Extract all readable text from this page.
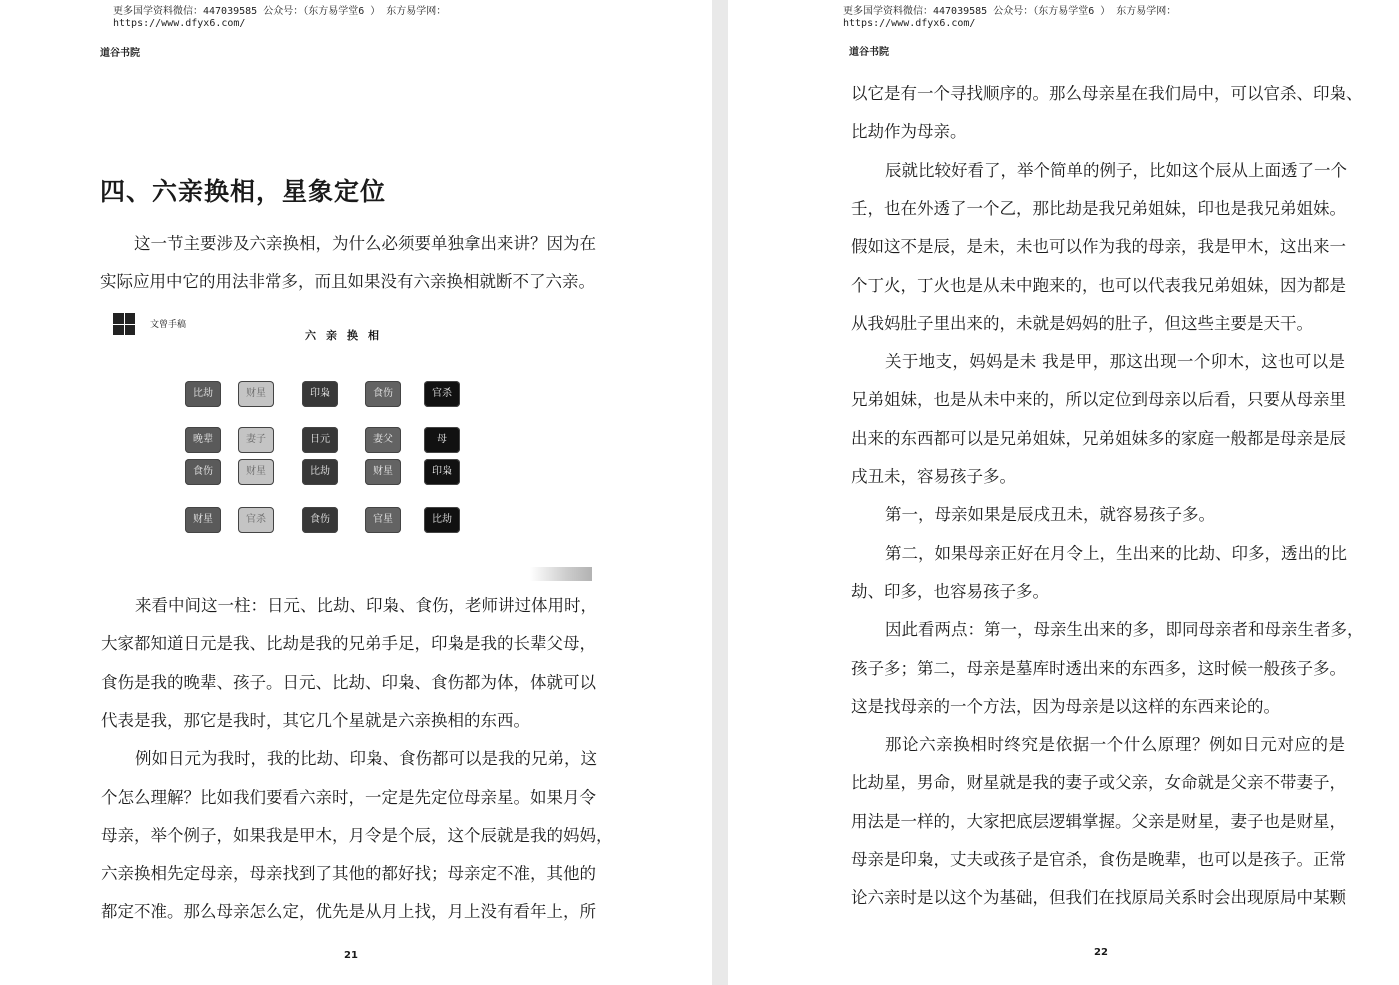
更多国学资料微信：447039585 公众号：（东方易学堂6 ） 东方易学网：
https://www.dfyx6.com/
道谷书院
四、六亲换相，星象定位
这一节主要涉及六亲换相，为什么必须要单独拿出来讲？因为在
实际应用中它的用法非常多，而且如果没有六亲换相就断不了六亲。
文曾手稿
六亲换相
比劫	财星	印枭	食伤	官杀
晚辈	妻子	日元	妻父	母
食伤	财星	比劫	财星	印枭
财星	官杀	食伤	官星	比劫
来看中间这一柱：日元、比劫、印枭、食伤，老师讲过体用时，
大家都知道日元是我、比劫是我的兄弟手足，印枭是我的长辈父母，
食伤是我的晚辈、孩子。日元、比劫、印枭、食伤都为体，体就可以
代表是我，那它是我时，其它几个星就是六亲换相的东西。
例如日元为我时，我的比劫、印枭、食伤都可以是我的兄弟，这
个怎么理解？比如我们要看六亲时，一定是先定位母亲星。如果月令
母亲，举个例子，如果我是甲木，月令是个辰，这个辰就是我的妈妈，
六亲换相先定母亲，母亲找到了其他的都好找；母亲定不准，其他的
都定不准。那么母亲怎么定，优先是从月上找，月上没有看年上，所
21
更多国学资料微信：447039585 公众号：（东方易学堂6 ） 东方易学网：
https://www.dfyx6.com/
道谷书院
以它是有一个寻找顺序的。那么母亲星在我们局中，可以官杀、印枭、
比劫作为母亲。
辰就比较好看了，举个简单的例子，比如这个辰从上面透了一个
壬，也在外透了一个乙，那比劫是我兄弟姐妹，印也是我兄弟姐妹。
假如这不是辰，是未，未也可以作为我的母亲，我是甲木，这出来一
个丁火，丁火也是从未中跑来的，也可以代表我兄弟姐妹，因为都是
从我妈肚子里出来的，未就是妈妈的肚子，但这些主要是天干。
关于地支，妈妈是未 我是甲，那这出现一个卯木，这也可以是
兄弟姐妹，也是从未中来的，所以定位到母亲以后看，只要从母亲里
出来的东西都可以是兄弟姐妹，兄弟姐妹多的家庭一般都是母亲是辰
戌丑未，容易孩子多。
第一，母亲如果是辰戌丑未，就容易孩子多。
第二，如果母亲正好在月令上，生出来的比劫、印多，透出的比
劫、印多，也容易孩子多。
因此看两点：第一，母亲生出来的多，即同母亲者和母亲生者多，
孩子多；第二，母亲是墓库时透出来的东西多，这时候一般孩子多。
这是找母亲的一个方法，因为母亲是以这样的东西来论的。
那论六亲换相时终究是依据一个什么原理？例如日元对应的是
比劫星，男命，财星就是我的妻子或父亲，女命就是父亲不带妻子，
用法是一样的，大家把底层逻辑掌握。父亲是财星，妻子也是财星，
母亲是印枭，丈夫或孩子是官杀，食伤是晚辈，也可以是孩子。正常
论六亲时是以这个为基础，但我们在找原局关系时会出现原局中某颗
22
